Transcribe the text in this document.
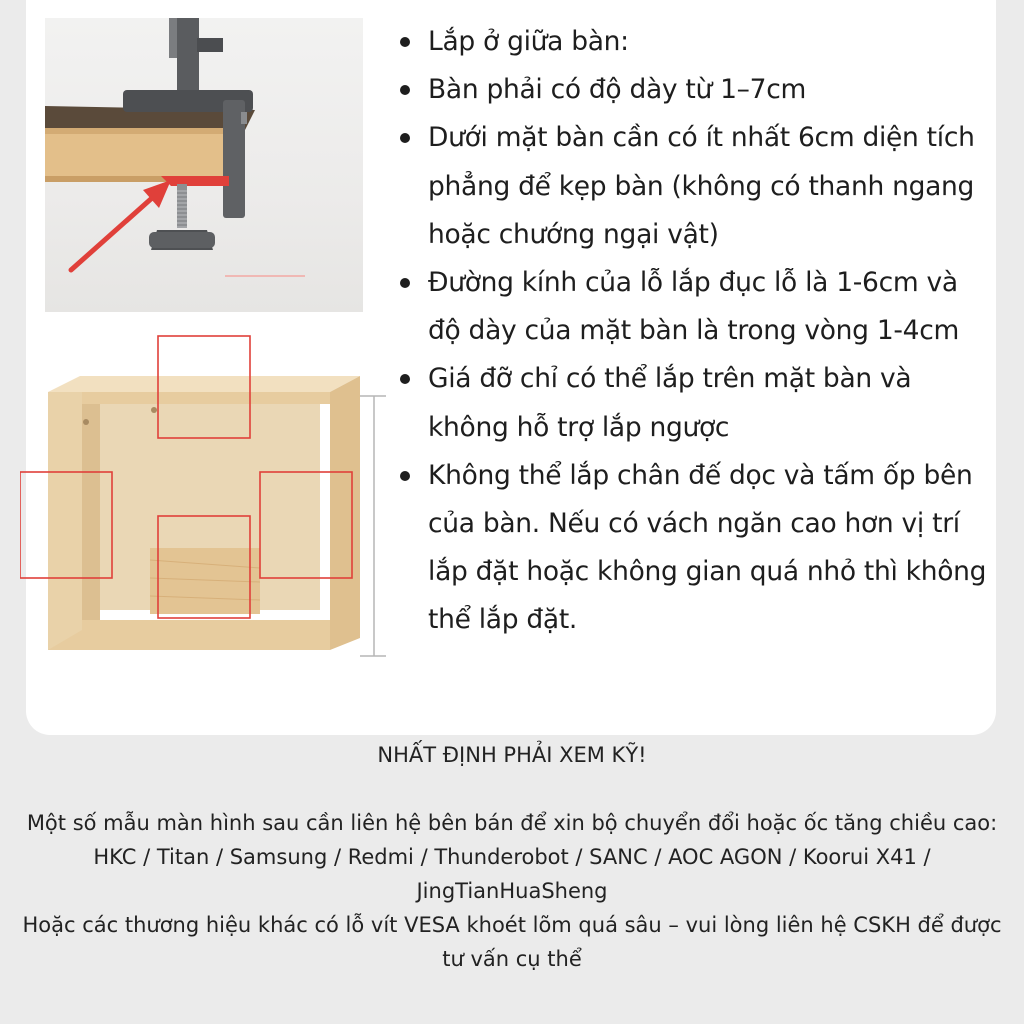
Lắp ở giữa bàn:
Bàn phải có độ dày từ 1–7cm
Dưới mặt bàn cần có ít nhất 6cm diện tích phẳng để kẹp bàn (không có thanh ngang hoặc chướng ngại vật)
Đường kính của lỗ lắp đục lỗ là 1-6cm và độ dày của mặt bàn là trong vòng 1-4cm
Giá đỡ chỉ có thể lắp trên mặt bàn và không hỗ trợ lắp ngược
Không thể lắp chân đế dọc và tấm ốp bên của bàn. Nếu có vách ngăn cao hơn vị trí lắp đặt hoặc không gian quá nhỏ thì không thể lắp đặt.

NHẤT ĐỊNH PHẢI XEM KỸ!

Một số mẫu màn hình sau cần liên hệ bên bán để xin bộ chuyển đổi hoặc ốc tăng chiều cao:

HKC / Titan / Samsung / Redmi / Thunderobot / SANC / AOC AGON / Koorui X41 / JingTianHuaSheng

Hoặc các thương hiệu khác có lỗ vít VESA khoét lõm quá sâu – vui lòng liên hệ CSKH để được tư vấn cụ thể
